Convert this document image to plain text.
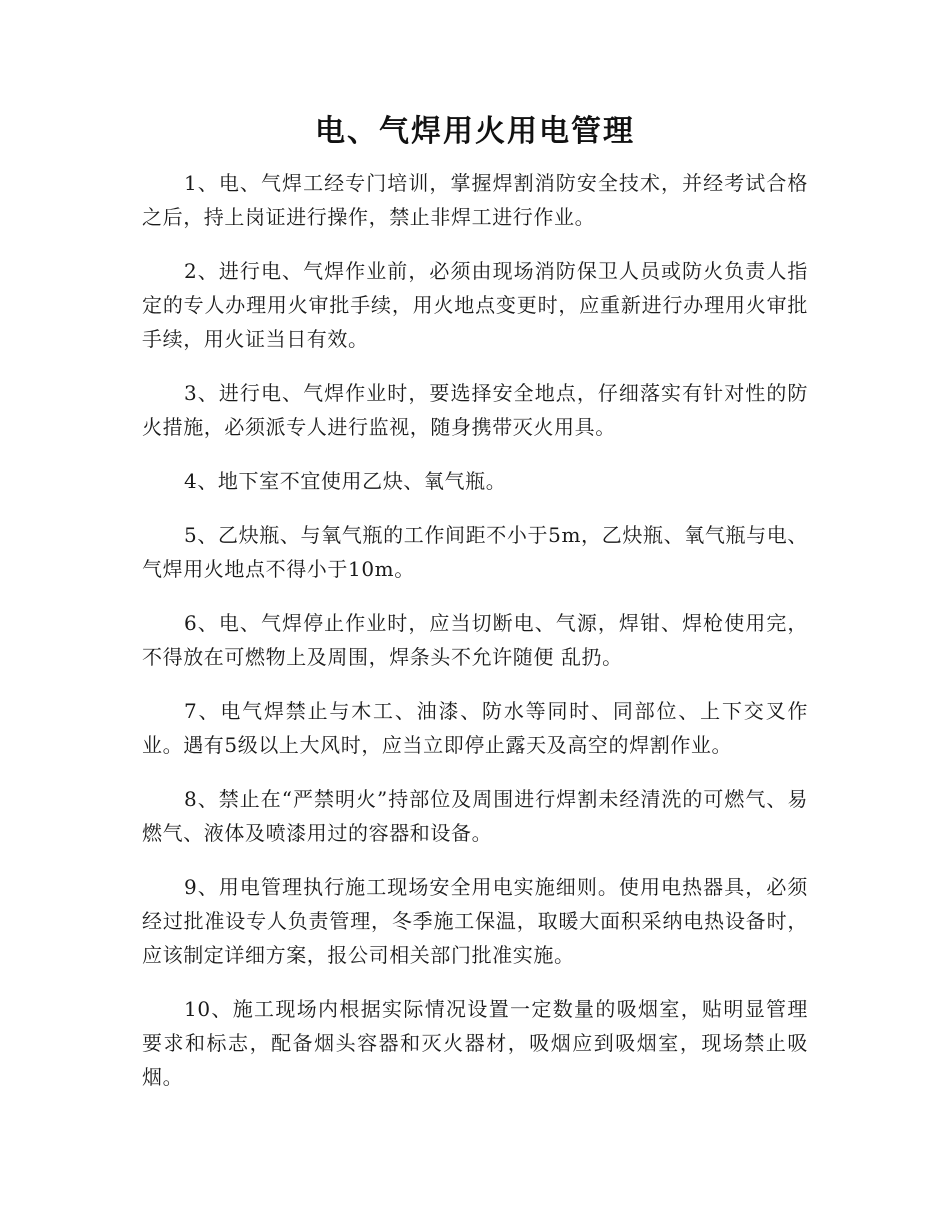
电、气焊用火用电管理

1、电、气焊工经专门培训，掌握焊割消防安全技术，并经考试合格之后，持上岗证进行操作，禁止非焊工进行作业。

2、进行电、气焊作业前，必须由现场消防保卫人员或防火负责人指定的专人办理用火审批手续，用火地点变更时，应重新进行办理用火审批手续，用火证当日有效。

3、进行电、气焊作业时，要选择安全地点，仔细落实有针对性的防火措施，必须派专人进行监视，随身携带灭火用具。

4、地下室不宜使用乙炔、氧气瓶。

5、乙炔瓶、与氧气瓶的工作间距不小于5m，乙炔瓶、氧气瓶与电、气焊用火地点不得小于10m。

6、电、气焊停止作业时，应当切断电、气源，焊钳、焊枪使用完，不得放在可燃物上及周围，焊条头不允许随便 乱扔。

7、电气焊禁止与木工、油漆、防水等同时、同部位、上下交叉作业。遇有5级以上大风时，应当立即停止露天及高空的焊割作业。

8、禁止在“严禁明火”持部位及周围进行焊割未经清洗的可燃气、易燃气、液体及喷漆用过的容器和设备。

9、用电管理执行施工现场安全用电实施细则。使用电热器具，必须经过批准设专人负责管理，冬季施工保温，取暖大面积采纳电热设备时，应该制定详细方案，报公司相关部门批准实施。

10、施工现场内根据实际情况设置一定数量的吸烟室，贴明显管理要求和标志，配备烟头容器和灭火器材，吸烟应到吸烟室，现场禁止吸烟。
